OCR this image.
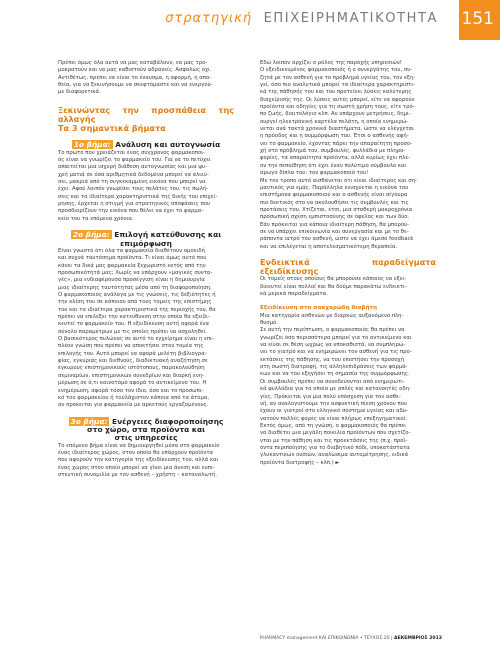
στρατηγική ΕΠΙΧΕΙΡΗΜΑΤΙΚΟΤΗΤΑ 151

Πρέπει όμως όλα αυτά να μας καταβάλουν, να μας τρο-

μοκρατούν και να μας καθιστούν αδρανείς. Ασφαλώς όχι.

Αντιθέτως, πρέπει να είναι το έναυσμα, η αφορμή, η απο-

θεία, για να ξεκινήσουμε να σκεφτόμαστε και να ενεργού-

με διαφορετικά.

Ξεκινώντας την προσπάθεια της αλλαγής

Τα 3 σημαντικά βήματα

1ο βήμα: Ανάλυση και αυτογνωσία

Το πρώτο που χρειάζεται ένας σύγχρονος φαρμακοποι-

ός είναι να γνωρίζει το φαρμακείο του. Για να το πετύχει

απαιτείται μια ισχυρή διάθεση αυτογνωσίας και μια ψυ-

χρή ματιά σε όσα αριθμητικά δεδομένα μπορεί να αλιεύ-

σει, μακριά από τη συγκεκαμμένη εικόνα που μπορεί να

έχει. Αφού λοιπόν γνωρίσει τους πελάτες του, τις πωλή-

σεις και τα ιδιαίτερα χαρακτηριστικά της δικής του επιχεί-

ρησης, έρχεται η στιγμή για στρατηγικές αποφάσεις που

προσδιορίζουν την εικόνα που θέλει να έχει το φαρμα-

κείο του τα επόμενα χρόνια.

2ο βήμα: Επιλογή κατεύθυνσης και

επιμόρφωση

Είναι γνωστό ότι όλα τα φαρμακεία διαθέτουν ομοειδή

και συχνά ταυτόσημα προϊόντα. Τι είναι όμως αυτό που

κάνει τα δικά μας φαρμακεία ξεχωριστό εκτός από την

προσωπικότητά μας; Χωρίς να υπάρχουν «μαγικές συντα-

γές», μια ενδιαφέρουσα προσέγγιση είναι η δημιουργία

μιας ιδιαίτερης ταυτότητας μέσα από τη διαφοροποίηση.

Ο φαρμακοποιός ανάλογα με τις γνώσεις, τις δεξιότητες ή

την κλίση του σε κάποιον από τους τομείς της επιστήμης

του και τα ιδιαίτερα χαρακτηριστικά της περιοχής του, θα

πρέπει να επιλέξει την κατεύθυνση στην οποία θα εξειδι-

κευτεί το φαρμακείο του. Η εξειδίκευση αυτή αφορά ένα

σύνολο παραμέτρων με τις οποίες πρέπει να ασχοληθεί.

Ο βασικότερος πυλώνας σε αυτό το εγχείρημα είναι η επι-

πλέον γνώση που πρέπει να αποκτήσει στον τομέα της

επιλογής του. Αυτό μπορεί να αφορά μελέτη βιβλιογρα-

φίας, εγκύριας και διεθνούς, διαδικτυακή αναζήτηση σε

έγκυρους επιστημονικούς ιστότοπους, παρακολούθηση

σεμιναρίων, επιστημονικών συνεδρίων και διαρκή ενη-

μέρωση σε ό,τι καινοτόμο αφορά το αντικείμενο του. Η

ενημέρωση, αφορά τόσο τον ίδιο, όσο και το προσωπι-

κό του φαρμακείου ή τουλάχιστον κάποια από τα άτομα,

αν προκειται για φαρμακεία με αρκετούς εργαζομένους.

3ο βήμα: Ενέργειες διαφοροποίησης

στο χώρο, στα προϊόντα και

στις υπηρεσίες

Το επόμενο βήμα είναι να δημιουργηθεί μέσα στο φαρμακείο

ένας ιδιαίτερος χώρος, στον οποίο θα υπάρχουν προϊόντα

που αφορούν την κατηγορία της εξειδίκευσης του, αλλά και

ένας χώρος στον οποίο μπορεί να γίνει μια άνεση και ευπι-

στευτική συνομιλία με τον ασθενή – χρήστη – καταναλωτή.

Εδώ λοιπόν αρχίζει ο ρόλος της παροχής υπηρεσιών!

Ο εξειδικευμένος φαρμακοποιός ή ο συνεργάτης του, συ-

ζητά με τον ασθενή για το πρόβλημά υγείας του, τον εξη-

γεί, όσο πιο αναλυτικά μπορεί τα ιδιαίτερα χαρακτηριστι-

κά της πάθησής του και του προτείνει λύσεις καλύτερης

διαχείρισής της. Οι λύσεις αυτές μπορεί, είτε να αφορούν

προϊόντα και οδηγίες για τη σωστή χρήση τους, είτε τρό-

πο ζωής, διαιτολόγιο κλπ. Αν υπάρχουν μετρήσεις, δημι-

ουργεί ηλεκτρονική καρτέλα πελάτη, η οποία ενημερώ-

νεται ανά τακτά χρονικά διαστήματα, ώστε να ελέγχεται

η πρόοδος και η συμμόρφωση του. Έτσι ο ασθενής αφή-

νει το φαρμακείο, έχοντας πάρει την απαραίτητη προσο-

χή στο πρόβλημά του, συμβουλές, φυλλάδια με πληρο-

φορίες, τα απαραίτητα προϊόντα, αλλά κυρίως έχει πλέ-

ον την πεποίθηση ότι έχει έναν πολύτιμο σύμβουλο και

αρωγό δίπλα του: τον φαρμακοποιό του!

Με τον τρόπο αυτό αισθάνεται ότι είναι ιδιαίτερος και ση-

μαντικός για εμάς. Παράλληλα ενισχύεται η εικόνα του

επιστήμονα φαρμακοποιού και ο ασθενής είναι σίγουρα

πιο δεκτικός στο να ακολουθήσει τις συμβουλές και τις

προτάσεις του. Χτίζεται, έτσι, μια σταθερή μακροχρόνια

προσωπική σχέση εμπιστοσύνης σε όφελος και των δύο.

Εάν πρόκειται για κάποια ιδιαίτερη πάθηση, θα μπορού-

σε να υπάρχει επικοινωνία και συνεργασία και με το θε-

ράποντα ιατρό του ασθενή, ώστε να έχει άμεσο feedback

και να επιλέγεται η αποτελεσματικότερη θεραπεία.

Ενδεικτικά παραδείγματα εξειδίκευσης

Οι τομείς στους οποίους θα μπορούσε κάποιος να εξει-

δικευτεί είναι πολλοί και θα δούμε παρακάτω ενδεικτι-

κά μερικά παραδείγματα.

Εξειδίκευση στο σακχαρώδη διαβήτη

Μια κατηγορία ασθενών με διαρκώς αυξανόμενο πλη-

θυσμό.

Σε αυτή την περίπτωση, ο φαρμακοποιός θα πρέπει να

γνωρίζει όσο περισσότερα μπορεί για το αντικείμενο και

να είναι σε θέση ωχρώς να υποκαθιστά, να συμπληρώ-

νει το γιατρό και να ενημερώνει τον ασθενή για τις προ-

εκτάσεις της πάθησης, να του επιστήσει την προσοχή

στη σωστή διατροφή, τις αλληλεπιδράσεις των φαρμά-

κων και να του εξηγήσει τη σημασία της συμμόρφωσης.

Οι συμβουλές πρέπει να συνοδεύονται από ενημερωτι-

κά φυλλάδια για τα οποία με απλές και κατανοητές οδη-

γίες. Πρόκειται για μια πολύ υπόσχεση για τον ασθε-

νή, αν αναλογιστούμε την ασφυκτική πίεση χρόνου που

έχουν οι γιατροί στο ελληνικό σύστημα υγείας και αδυ-

νατούν πολλές φορές να είναι πλήρως επεξηγηματικοί.

Εκτός όμως, από τη γνώση, ο φαρμακοποιός θα πρέπει

να διαθέτει μια μεγάλη ποικιλία προϊόντων που σχετίζο-

νται με την πάθηση και τις προεκτάσεις της (π.χ. προϊ-

όντα περιποίησης για το διαβητικό πόδι, υποκατάστατα

γλυκαντικών ουσιών, αναλώσιμα αυτομέτρησης, ειδικά

προϊόντα διατροφής – κλπ.) ►

PHARMACY management ΚΑΙ ΕΠΙΚΟΙΝΩΝΙΑ • ΤΕΥΧΟΣ 20 | ΔΕΚΕΜΒΡΙΟΣ 2013
